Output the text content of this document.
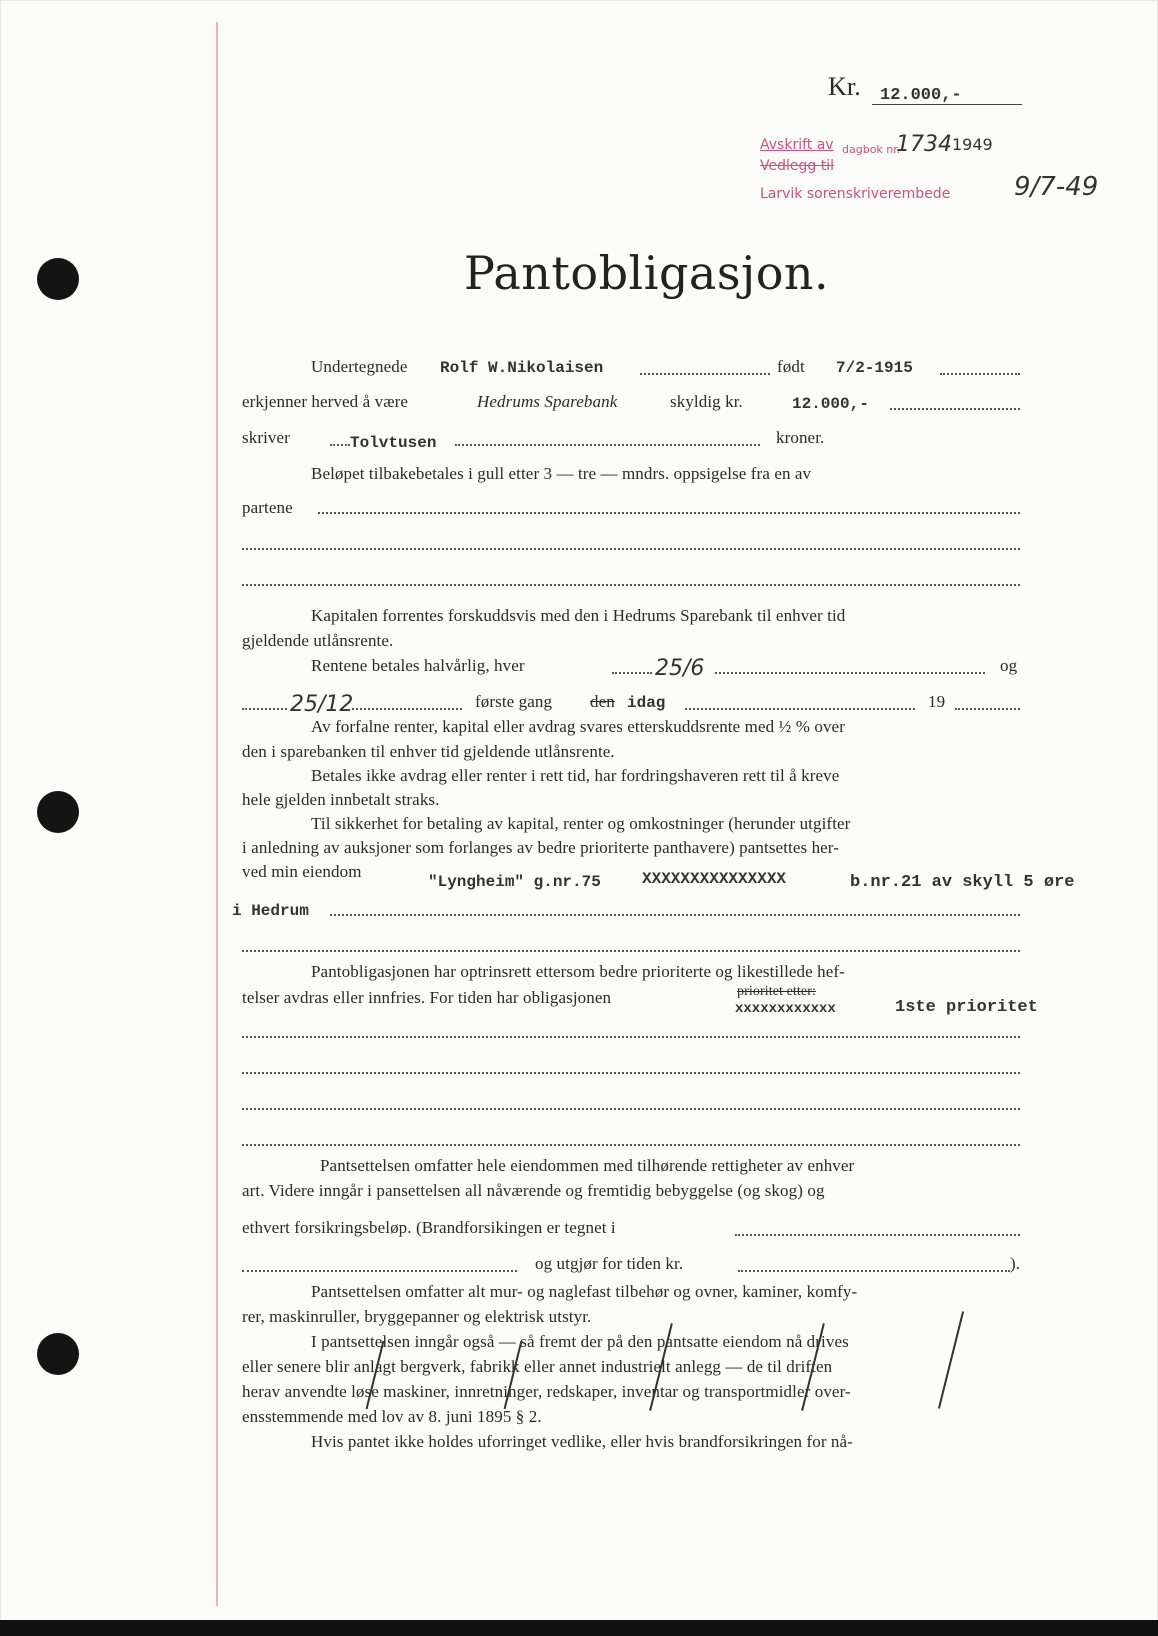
Kr. 12.000,-
Avskrift av dagbok nr.
1734 1949
Vedlegg til
Larvik sorenskriverembede 9/7-49
Pantobligasjon.
Undertegnede Rolf W.Nikolaisen	født 7/2-1915
erkjenner herved å være	Hedrums Sparebank	skyldig kr.	12.000,-
skriver	Tolvtusen	kroner.
Beløpet tilbakebetales i gull etter 3 — tre — mndrs. oppsigelse fra en av
partene
Kapitalen forrentes forskuddsvis med den i Hedrums Sparebank til enhver tid
gjeldende utlånsrente.
Rentene betales halvårlig, hver	25/6	og
25/12	første gang den idag	19
Av forfalne renter, kapital eller avdrag svares etterskuddsrente med ½ % over
den i sparebanken til enhver tid gjeldende utlånsrente.
Betales ikke avdrag eller renter i rett tid, har fordringshaveren rett til å kreve
hele gjelden innbetalt straks.
Til sikkerhet for betaling av kapital, renter og omkostninger (herunder utgifter
i anledning av auksjoner som forlanges av bedre prioriterte panthavere) pantsettes her-
ved min eiendom
"Lyngheim" g.nr.75	XXXXXXXXXXXXXXX	b.nr.21 av skyll 5 øre
i Hedrum
Pantobligasjonen har optrinsrett ettersom bedre prioriterte og likestillede hef-
telser avdras eller innfries. For tiden har obligasjonen	prioritet etter:
xxxxxxxxxxxx	1ste prioritet
Pantsettelsen omfatter hele eiendommen med tilhørende rettigheter av enhver
art. Videre inngår i pansettelsen all nåværende og fremtidig bebyggelse (og skog) og
ethvert forsikringsbeløp. (Brandforsikingen er tegnet i
og utgjør for tiden kr.	).
Pantsettelsen omfatter alt mur- og naglefast tilbehør og ovner, kaminer, komfy-
rer, maskinruller, bryggepanner og elektrisk utstyr.
I pantsettelsen inngår også — så fremt der på den pantsatte eiendom nå drives
eller senere blir anlagt bergverk, fabrikk eller annet industrielt anlegg — de til driften
herav anvendte løse maskiner, innretninger, redskaper, inventar og transportmidler over-
ensstemmende med lov av 8. juni 1895 § 2.
Hvis pantet ikke holdes uforringet vedlike, eller hvis brandforsikringen for nå-
